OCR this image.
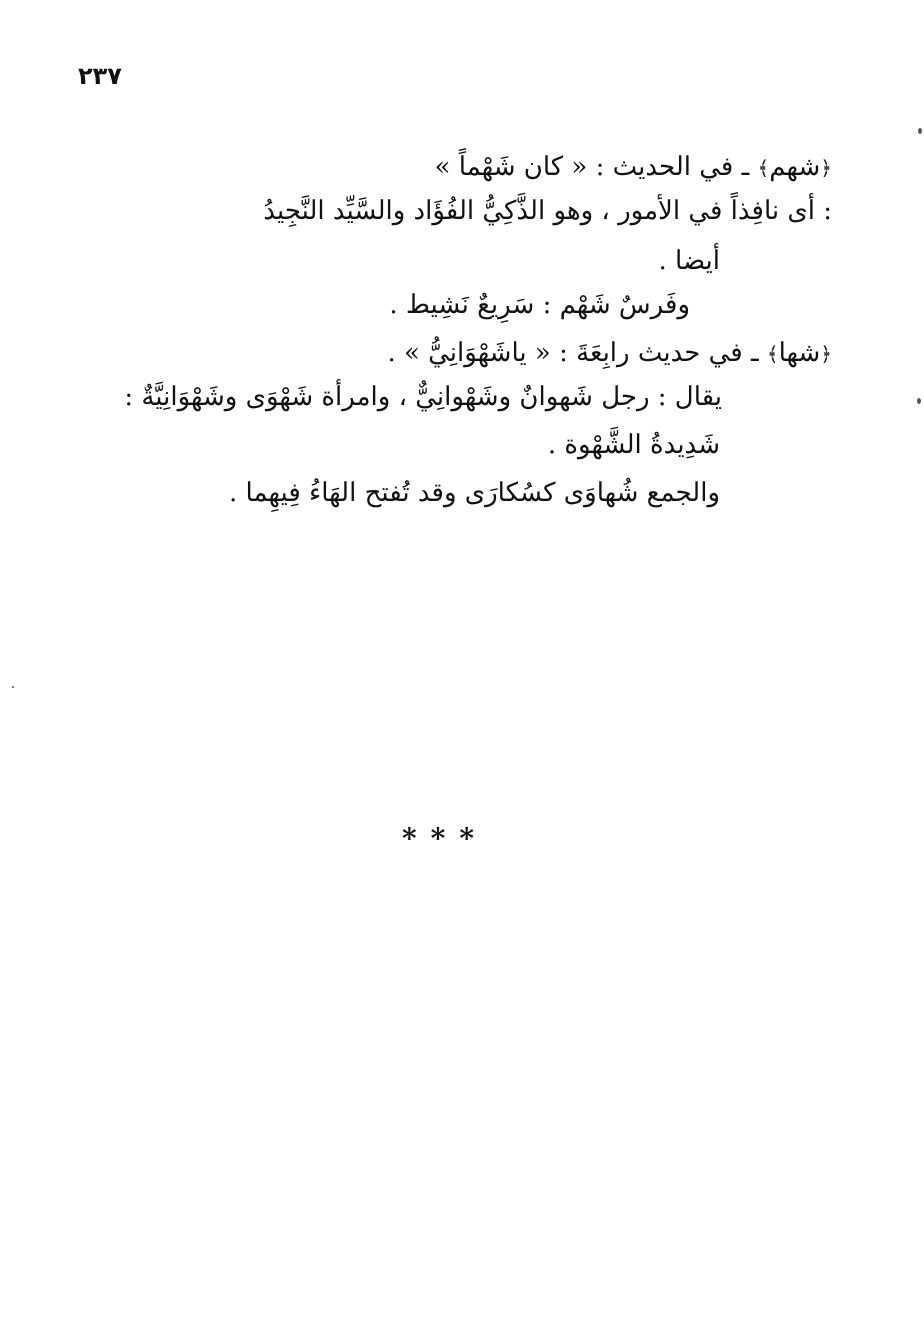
٢٣٧
﴿شهم﴾ ـ في الحديث : « كان شَهْماً »
: أى نافِذاً في الأمور ، وهو الذَّكِيُّ الفُؤَاد والسَّيِّد النَّجِيدُ
أيضا .
وفَرسٌ شَهْم : سَرِيعٌ نَشِيط .
﴿شها﴾ ـ في حديث رابِعَةَ : « ياشَهْوَانِيُّ » .
يقال : رجل شَهوانٌ وشَهْوانِيٌّ ، وامرأة شَهْوَى وشَهْوَانِيَّةٌ :
شَدِيدةُ الشَّهْوة .
والجمع شُهاوَى كسُكارَى وقد تُفتح الهَاءُ فِيهِما .
***
